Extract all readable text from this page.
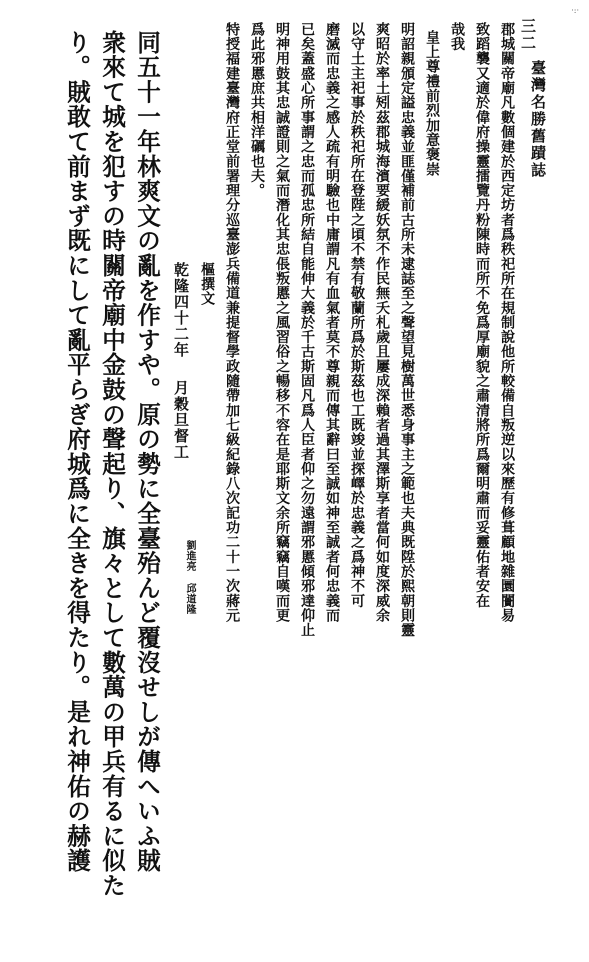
·:·
三二
臺灣名勝舊蹟誌
郡城關帝廟凡數個建於西定坊者爲秩祀所在規制說他所較備自叛逆以來歷有修葺顧地雜圜闠易
致蹈襲又適於偉府操靈擂覽丹粉陳時而所不免爲厚廟貌之肅清將所爲爾明肅而妥靈佑者安在
哉我
皇上尊禮前烈加意褒崇
明詔親頒定謚忠義並匪僅補前古所未逮誌至之聲望見樹萬世悉身事主之範也夫典既陞於熙朝則靈
爽昭於率土矧茲郡城海濱要緩妖氛不作民無夭札歲且屢成深賴者過其澤斯享者當何如度深威余
以守土主祀事於秩祀所在登陛之頃不禁有敬蘭所爲於斯茲也工既竣並探嶧於忠義之爲神不可
磨滅而忠義之感人疏有明驗也中庸謂凡有血氣者莫不尊親而傳其辭曰至誠如神至誠者何忠義而
已矣蓋盛心所事謂之忠而孤忠所結自能伸大義於千古斯固凡爲人臣者仰之勿遠謂邪慝傾邪達仰止
明神用鼓其忠誠證則之氣而潛化其忠倀叛慝之風習俗之暢移不容在是耶斯文余所竊竊自嘆而更
爲此邪慝庶共相洋礪也夫。
特授福建臺灣府正堂前署理分巡臺澎兵備道兼提督學政隨帶加七級紀錄八次記功二十一次蔣元
樞撰文
乾隆四十二年
月穀旦督工
劉進亮 邱道隆
同五十一年林爽文の亂を作すや。原の勢に全臺殆んど覆沒せしが傳へいふ賊
衆來て城を犯すの時關帝廟中金鼓の聲起り、旗々として數萬の甲兵有るに似た
り。賊敢て前まず既にして亂平らぎ府城爲に全きを得たり。是れ神佑の赫護
